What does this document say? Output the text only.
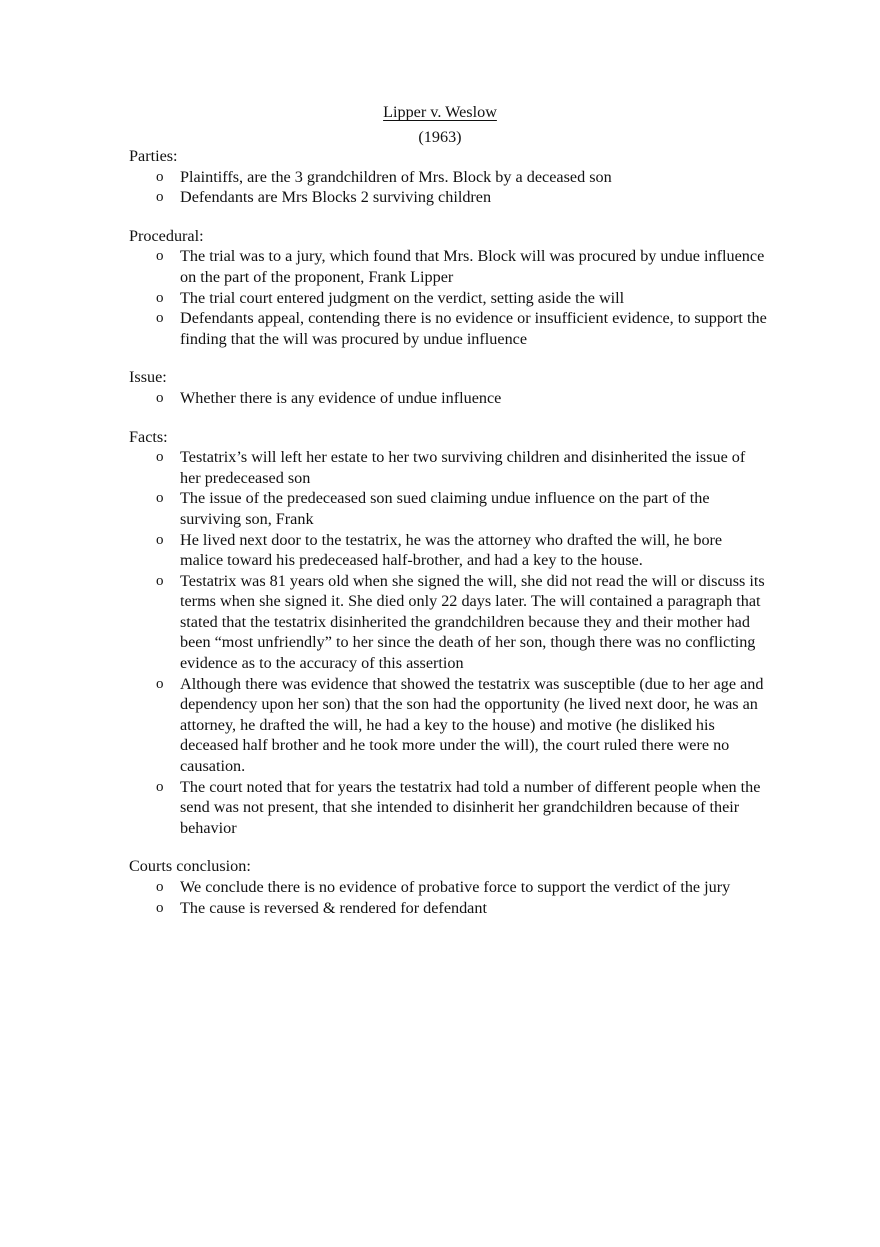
Lipper v. Weslow
(1963)
Parties:
o Plaintiffs, are the 3 grandchildren of Mrs. Block by a deceased son
o Defendants are Mrs Blocks 2 surviving children
Procedural:
o The trial was to a jury, which found that Mrs. Block will was procured by undue influence on the part of the proponent, Frank Lipper
o The trial court entered judgment on the verdict, setting aside the will
o Defendants appeal, contending there is no evidence or insufficient evidence, to support the finding that the will was procured by undue influence
Issue:
o Whether there is any evidence of undue influence
Facts:
o Testatrix’s will left her estate to her two surviving children and disinherited the issue of her predeceased son
o The issue of the predeceased son sued claiming undue influence on the part of the surviving son, Frank
o He lived next door to the testatrix, he was the attorney who drafted the will, he bore malice toward his predeceased half-brother, and had a key to the house.
o Testatrix was 81 years old when she signed the will, she did not read the will or discuss its terms when she signed it. She died only 22 days later. The will contained a paragraph that stated that the testatrix disinherited the grandchildren because they and their mother had been “most unfriendly” to her since the death of her son, though there was no conflicting evidence as to the accuracy of this assertion
o Although there was evidence that showed the testatrix was susceptible (due to her age and dependency upon her son) that the son had the opportunity (he lived next door, he was an attorney, he drafted the will, he had a key to the house) and motive (he disliked his deceased half brother and he took more under the will), the court ruled there were no causation.
o The court noted that for years the testatrix had told a number of different people when the send was not present, that she intended to disinherit her grandchildren because of their behavior
Courts conclusion:
o We conclude there is no evidence of probative force to support the verdict of the jury
o The cause is reversed & rendered for defendant
